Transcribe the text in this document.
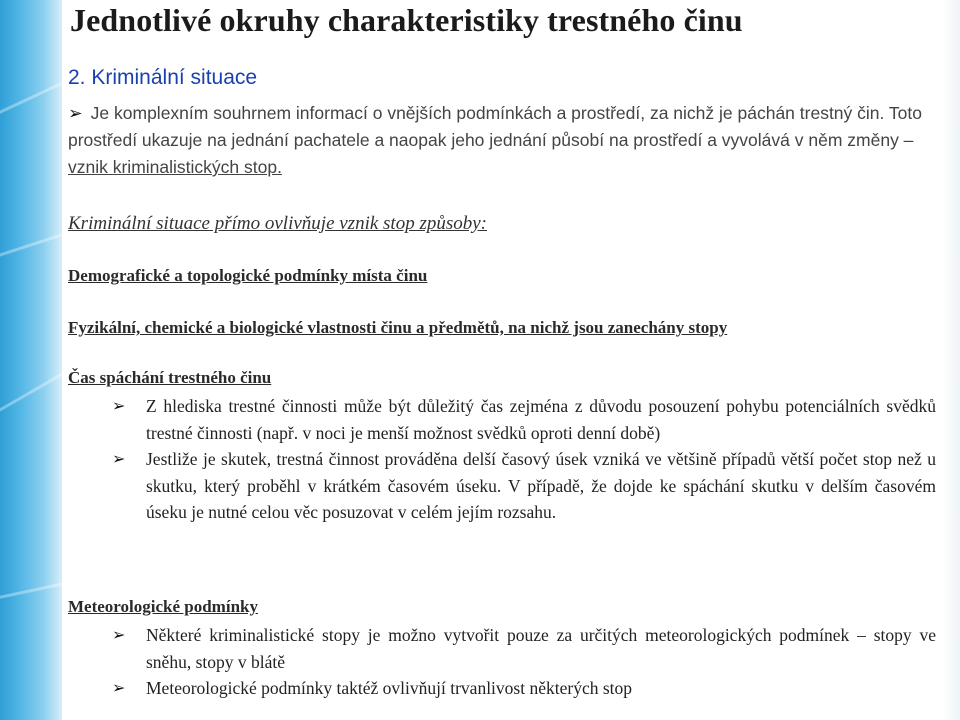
Jednotlivé okruhy charakteristiky trestného činu
2. Kriminální situace
➢ Je komplexním souhrnem informací o vnějších podmínkách a prostředí, za nichž je páchán trestný čin. Toto prostředí ukazuje na jednání pachatele a naopak jeho jednání působí na prostředí a vyvolává v něm změny – vznik kriminalistických stop.
Kriminální situace přímo ovlivňuje vznik stop způsoby:
Demografické a topologické podmínky místa činu
Fyzikální, chemické a biologické vlastnosti činu a předmětů, na nichž jsou zanechány stopy
Čas spáchání trestného činu
➢ Z hlediska trestné činnosti může být důležitý čas zejména z důvodu posouzení pohybu potenciálních svědků trestné činnosti (např. v noci je menší možnost svědků oproti denní době)
➢ Jestliže je skutek, trestná činnost prováděna delší časový úsek vzniká ve většině případů větší počet stop než u skutku, který proběhl v krátkém časovém úseku. V případě, že dojde ke spáchání skutku v delším časovém úseku je nutné celou věc posuzovat v celém jejím rozsahu.
Meteorologické podmínky
➢ Některé kriminalistické stopy je možno vytvořit pouze za určitých meteorologických podmínek – stopy ve sněhu, stopy v blátě
➢ Meteorologické podmínky taktéž ovlivňují trvanlivost některých stop
